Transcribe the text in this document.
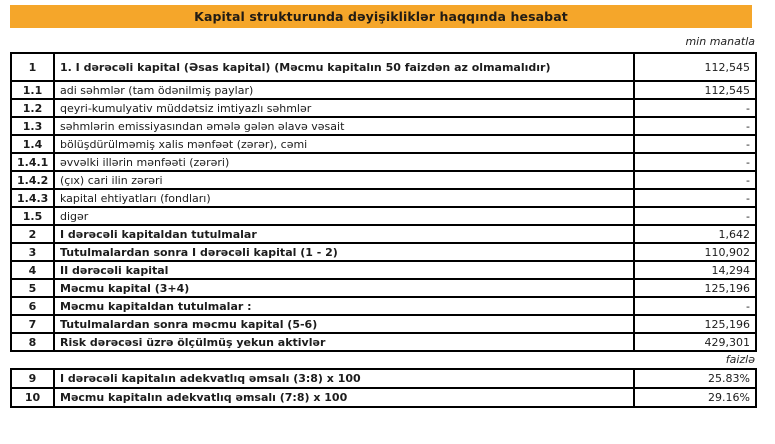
Kapital strukturunda dəyişikliklər haqqında hesabat
min manatla
1	1. I dərəcəli kapital (Əsas kapital) (Məcmu kapitalın 50 faizdən az olmamalıdır)	112,545
1.1	adi səhmlər (tam ödənilmiş paylar)	112,545
1.2	qeyri-kumulyativ müddətsiz imtiyazlı səhmlər	-
1.3	səhmlərin emissiyasından əmələ gələn əlavə vəsait	-
1.4	bölüşdürülməmiş xalis mənfəət (zərər), cəmi	-
1.4.1	əvvəlki illərin mənfəəti (zərəri)	-
1.4.2	(çıx) cari ilin zərəri	-
1.4.3	kapital ehtiyatları (fondları)	-
1.5	digər	-
2	I dərəcəli kapitaldan tutulmalar	1,642
3	Tutulmalardan sonra I dərəcəli kapital (1 - 2)	110,902
4	II dərəcəli kapital	14,294
5	Məcmu kapital (3+4)	125,196
6	Məcmu kapitaldan tutulmalar :	-
7	Tutulmalardan sonra məcmu kapital (5-6)	125,196
8	Risk dərəcəsi üzrə ölçülmüş yekun aktivlər	429,301
faizlə
9	I dərəcəli kapitalın adekvatlıq əmsalı (3:8) x 100	25.83%
10	Məcmu kapitalın adekvatlıq əmsalı (7:8) x 100	29.16%
